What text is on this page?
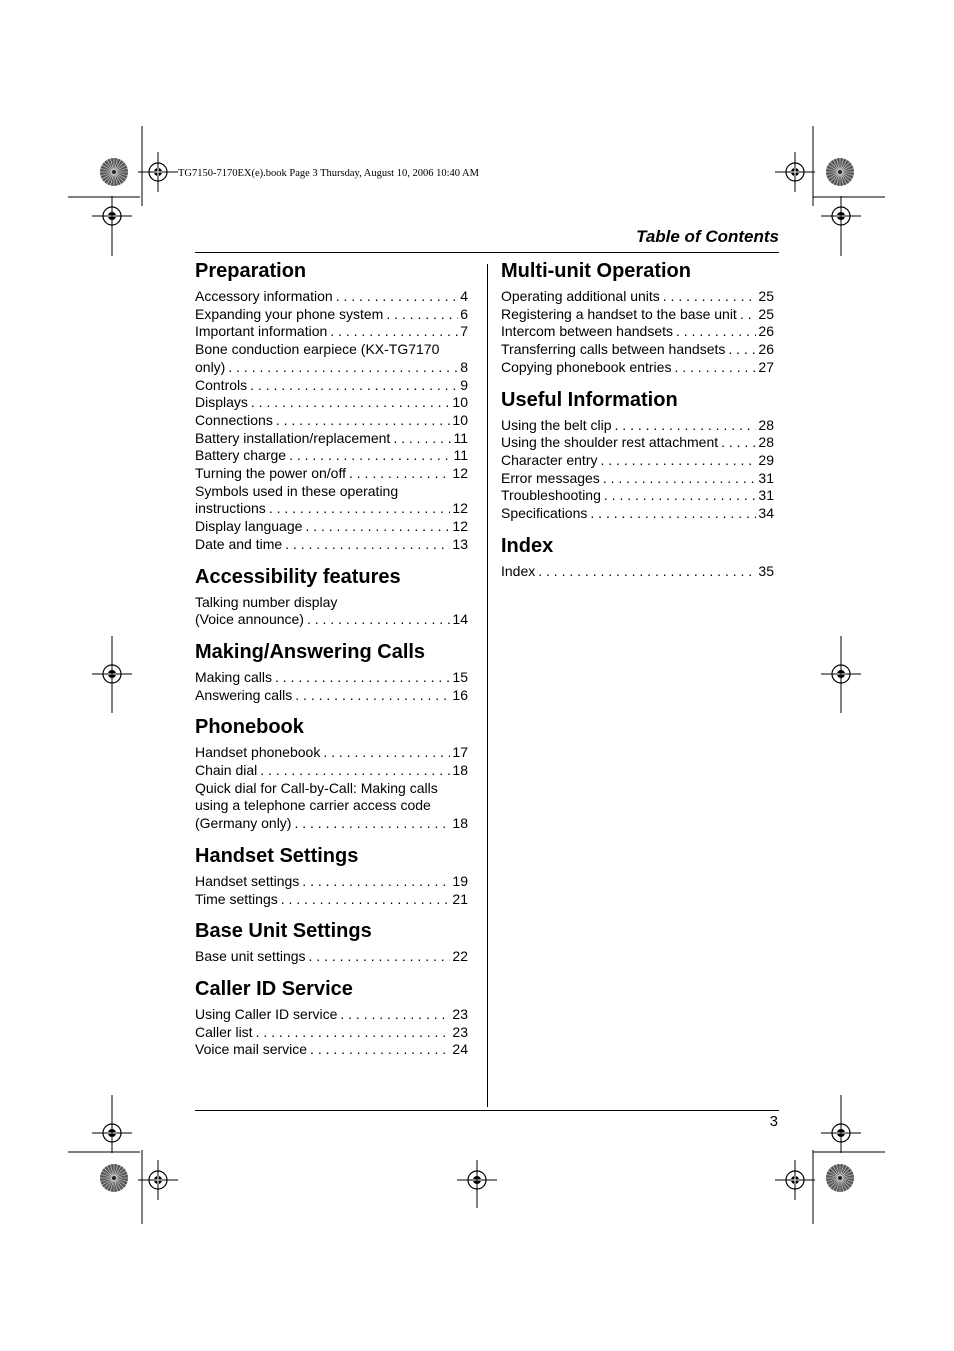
TG7150-7170EX(e).book Page 3 Thursday, August 10, 2006 10:40 AM
Table of Contents
3
Preparation
Accessory information . . .	4
Expanding your phone system . . .	6
Important information . . .	7
Bone conduction earpiece (KX-TG7170
only) . . .	8
Controls . . .	9
Displays . . .	10
Connections . . .	10
Battery installation/replacement . . .	11
Battery charge . . .	11
Turning the power on/off . . .	12
Symbols used in these operating
instructions . . .	12
Display language . . .	12
Date and time . . .	13
Accessibility features
Talking number display
(Voice announce) . . .	14
Making/Answering Calls
Making calls . . .	15
Answering calls . . .	16
Phonebook
Handset phonebook . . .	17
Chain dial . . .	18
Quick dial for Call-by-Call: Making calls
using a telephone carrier access code
(Germany only) . . .	18
Handset Settings
Handset settings . . .	19
Time settings . . .	21
Base Unit Settings
Base unit settings . . .	22
Caller ID Service
Using Caller ID service . . .	23
Caller list . . .	23
Voice mail service . . .	24
Multi-unit Operation
Operating additional units . . .	25
Registering a handset to the base unit . . . 25
Intercom between handsets . . .	26
Transferring calls between handsets . . . 26
Copying phonebook entries . . .	27
Useful Information
Using the belt clip . . .	28
Using the shoulder rest attachment . . .	28
Character entry . . .	29
Error messages . . .	31
Troubleshooting . . .	31
Specifications . . .	34
Index
Index . . .	35
